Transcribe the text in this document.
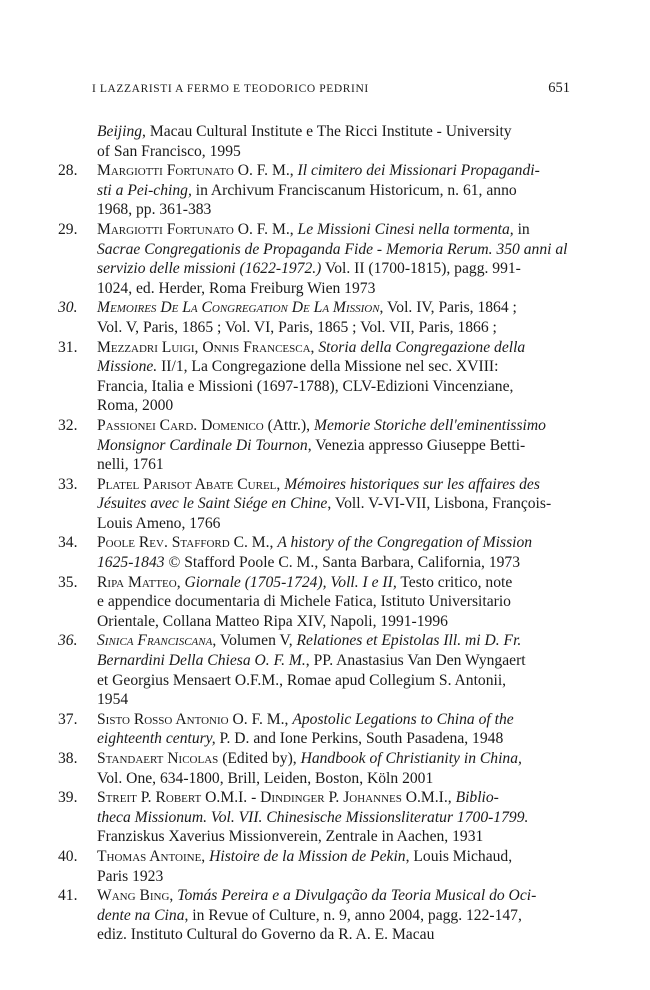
I LAZZARISTI A FERMO E TEODORICO PEDRINI	651
Beijing, Macau Cultural Institute e The Ricci Institute - University
of San Francisco, 1995
28.	Margiotti Fortunato O. F. M., Il cimitero dei Missionari Propagandi-
sti a Pei-ching, in Archivum Franciscanum Historicum, n. 61, anno
1968, pp. 361-383
29.	Margiotti Fortunato O. F. M., Le Missioni Cinesi nella tormenta, in
Sacrae Congregationis de Propaganda Fide - Memoria Rerum. 350 anni al
servizio delle missioni (1622-1972.) Vol. II (1700-1815), pagg. 991-
1024, ed. Herder, Roma Freiburg Wien 1973
30.	Memoires De La Congregation De La Mission, Vol. IV, Paris, 1864 ;
Vol. V, Paris, 1865 ; Vol. VI, Paris, 1865 ; Vol. VII, Paris, 1866 ;
31.	Mezzadri Luigi, Onnis Francesca, Storia della Congregazione della
Missione. II/1, La Congregazione della Missione nel sec. XVIII:
Francia, Italia e Missioni (1697-1788), CLV-Edizioni Vincenziane,
Roma, 2000
32.	Passionei Card. Domenico (Attr.), Memorie Storiche dell'eminentissimo
Monsignor Cardinale Di Tournon, Venezia appresso Giuseppe Betti-
nelli, 1761
33.	Platel Parisot Abate Curel, Mémoires historiques sur les affaires des
Jésuites avec le Saint Siége en Chine, Voll. V-VI-VII, Lisbona, François-
Louis Ameno, 1766
34.	Poole Rev. Stafford C. M., A history of the Congregation of Mission
1625-1843 © Stafford Poole C. M., Santa Barbara, California, 1973
35.	Ripa Matteo, Giornale (1705-1724), Voll. I e II, Testo critico, note
e appendice documentaria di Michele Fatica, Istituto Universitario
Orientale, Collana Matteo Ripa XIV, Napoli, 1991-1996
36.	Sinica Franciscana, Volumen V, Relationes et Epistolas Ill. mi D. Fr.
Bernardini Della Chiesa O. F. M., PP. Anastasius Van Den Wyngaert
et Georgius Mensaert O.F.M., Romae apud Collegium S. Antonii,
1954
37.	Sisto Rosso Antonio O. F. M., Apostolic Legations to China of the
eighteenth century, P. D. and Ione Perkins, South Pasadena, 1948
38.	Standaert Nicolas (Edited by), Handbook of Christianity in China,
Vol. One, 634-1800, Brill, Leiden, Boston, Köln 2001
39.	Streit P. Robert O.M.I. - Dindinger P. Johannes O.M.I., Biblio-
theca Missionum. Vol. VII. Chinesische Missionsliteratur 1700-1799.
Franziskus Xaverius Missionverein, Zentrale in Aachen, 1931
40.	Thomas Antoine, Histoire de la Mission de Pekin, Louis Michaud,
Paris 1923
41.	Wang Bing, Tomás Pereira e a Divulgação da Teoria Musical do Oci-
dente na Cina, in Revue of Culture, n. 9, anno 2004, pagg. 122-147,
ediz. Instituto Cultural do Governo da R. A. E. Macau
